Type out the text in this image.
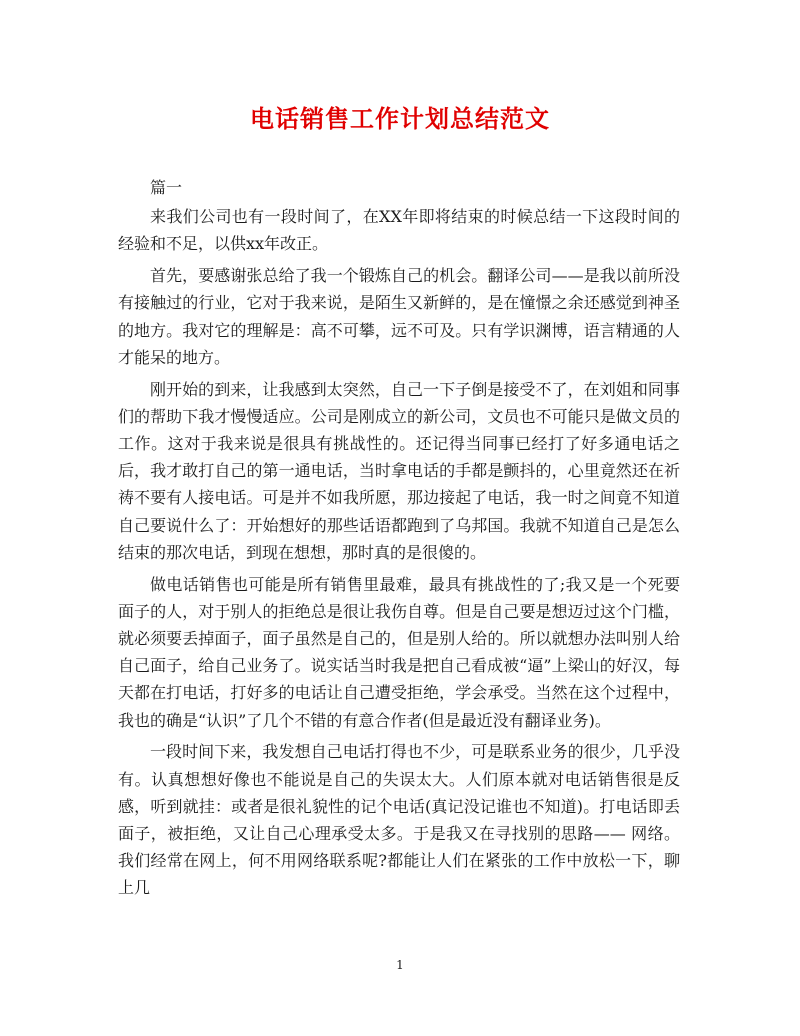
电话销售工作计划总结范文

篇一

来我们公司也有一段时间了，在XX年即将结束的时候总结一下这段时间的经验和不足，以供xx年改正。

首先，要感谢张总给了我一个锻炼自己的机会。翻译公司——是我以前所没有接触过的行业，它对于我来说，是陌生又新鲜的，是在憧憬之余还感觉到神圣的地方。我对它的理解是：高不可攀，远不可及。只有学识渊博，语言精通的人才能呆的地方。

刚开始的到来，让我感到太突然，自己一下子倒是接受不了，在刘姐和同事们的帮助下我才慢慢适应。公司是刚成立的新公司，文员也不可能只是做文员的工作。这对于我来说是很具有挑战性的。还记得当同事已经打了好多通电话之后，我才敢打自己的第一通电话，当时拿电话的手都是颤抖的，心里竟然还在祈祷不要有人接电话。可是并不如我所愿，那边接起了电话，我一时之间竟不知道自己要说什么了：开始想好的那些话语都跑到了乌邦国。我就不知道自己是怎么结束的那次电话，到现在想想，那时真的是很傻的。

做电话销售也可能是所有销售里最难，最具有挑战性的了;我又是一个死要面子的人，对于别人的拒绝总是很让我伤自尊。但是自己要是想迈过这个门槛，就必须要丢掉面子，面子虽然是自己的，但是别人给的。所以就想办法叫别人给自己面子，给自己业务了。说实话当时我是把自己看成被“逼”上梁山的好汉，每天都在打电话，打好多的电话让自己遭受拒绝，学会承受。当然在这个过程中，我也的确是“认识”了几个不错的有意合作者(但是最近没有翻译业务)。

一段时间下来，我发想自己电话打得也不少，可是联系业务的很少，几乎没有。认真想想好像也不能说是自己的失误太大。人们原本就对电话销售很是反感，听到就挂：或者是很礼貌性的记个电话(真记没记谁也不知道)。打电话即丢面子，被拒绝，又让自己心理承受太多。于是我又在寻找别的思路—— 网络。我们经常在网上，何不用网络联系呢?都能让人们在紧张的工作中放松一下，聊上几

1
